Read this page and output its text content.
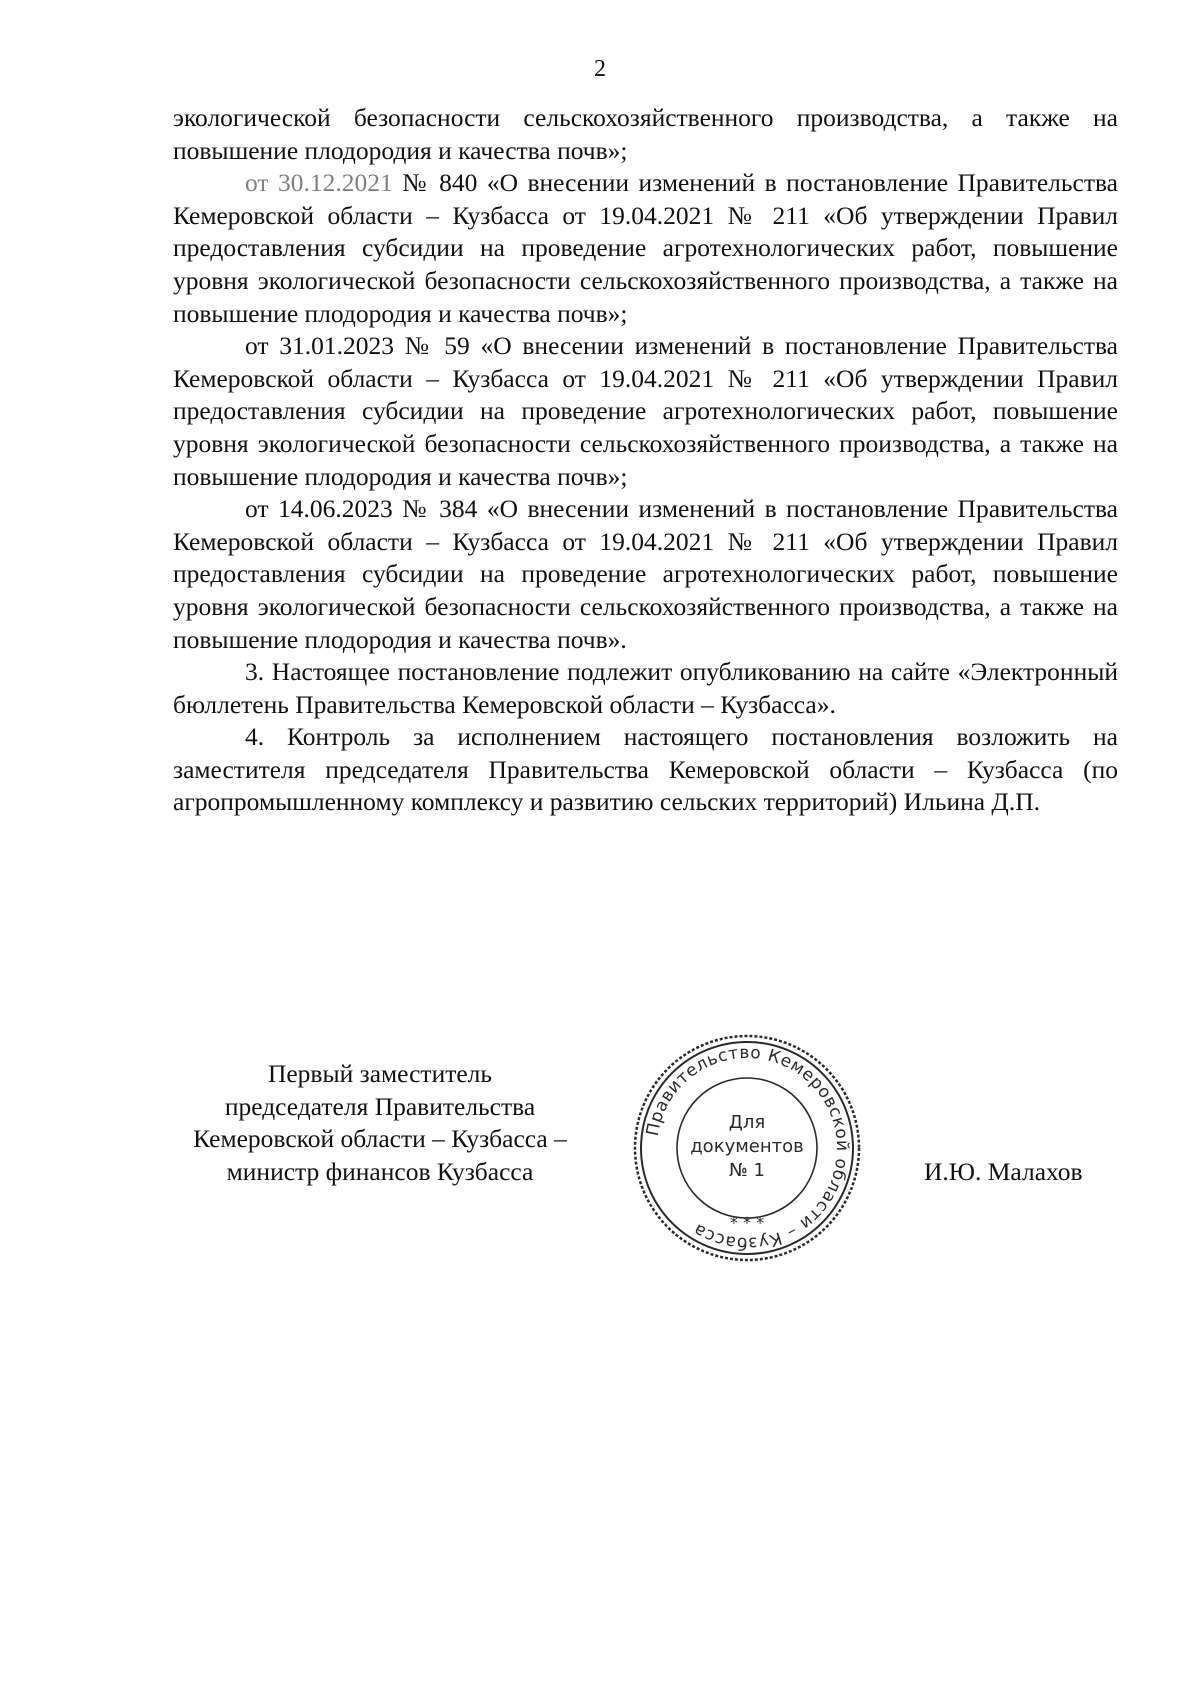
2

экологической безопасности сельскохозяйственного производства, а также на повышение плодородия и качества почв»;

от 30.12.2021 № 840 «О внесении изменений в постановление Правительства Кемеровской области – Кузбасса от 19.04.2021 № 211 «Об утверждении Правил предоставления субсидии на проведение агротехнологических работ, повышение уровня экологической безопасности сельскохозяйственного производства, а также на повышение плодородия и качества почв»;

от 31.01.2023 № 59 «О внесении изменений в постановление Правительства Кемеровской области – Кузбасса от 19.04.2021 № 211 «Об утверждении Правил предоставления субсидии на проведение агротехнологических работ, повышение уровня экологической безопасности сельскохозяйственного производства, а также на повышение плодородия и качества почв»;

от 14.06.2023 № 384 «О внесении изменений в постановление Правительства Кемеровской области – Кузбасса от 19.04.2021 № 211 «Об утверждении Правил предоставления субсидии на проведение агротехнологических работ, повышение уровня экологической безопасности сельскохозяйственного производства, а также на повышение плодородия и качества почв».

3. Настоящее постановление подлежит опубликованию на сайте «Электронный бюллетень Правительства Кемеровской области – Кузбасса».

4. Контроль за исполнением настоящего постановления возложить на заместителя председателя Правительства Кемеровской области – Кузбасса (по агропромышленному комплексу и развитию сельских территорий) Ильина Д.П.

Первый заместитель
председателя Правительства
Кемеровской области – Кузбасса –
министр финансов Кузбасса	И.Ю. Малахов
Правительство Кемеровской области – Кузбасса
Для
документов
№ 1
* * *
